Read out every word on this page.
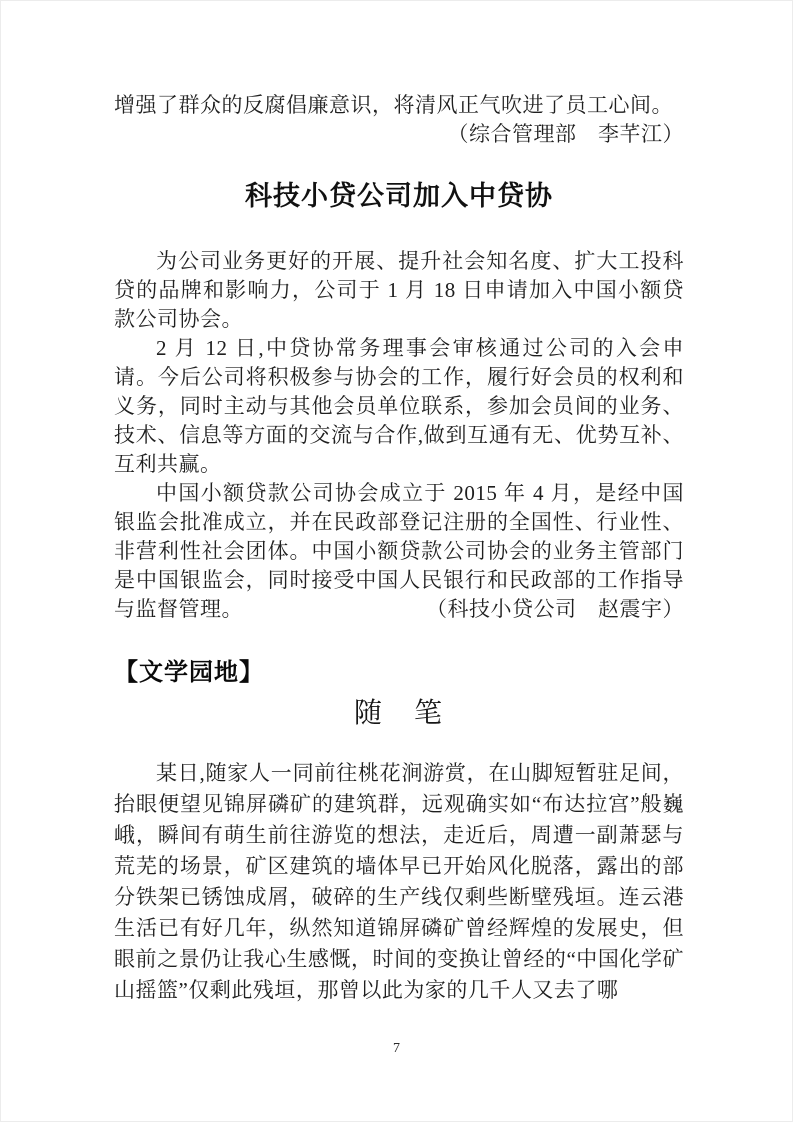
增强了群众的反腐倡廉意识，将清风正气吹进了员工心间。

（综合管理部　李芊江）

科技小贷公司加入中贷协

为公司业务更好的开展、提升社会知名度、扩大工投科贷的品牌和影响力，公司于 1 月 18 日申请加入中国小额贷款公司协会。

2 月 12 日,中贷协常务理事会审核通过公司的入会申请。今后公司将积极参与协会的工作，履行好会员的权利和义务，同时主动与其他会员单位联系，参加会员间的业务、技术、信息等方面的交流与合作,做到互通有无、优势互补、互利共赢。

中国小额贷款公司协会成立于 2015 年 4 月，是经中国银监会批准成立，并在民政部登记注册的全国性、行业性、非营利性社会团体。中国小额贷款公司协会的业务主管部门是中国银监会，同时接受中国人民银行和民政部的工作指导与监督管理。	（科技小贷公司　赵震宇）

【文学园地】
随　笔

某日,随家人一同前往桃花涧游赏，在山脚短暂驻足间，抬眼便望见锦屏磷矿的建筑群，远观确实如“布达拉宫”般巍峨，瞬间有萌生前往游览的想法，走近后，周遭一副萧瑟与荒芜的场景，矿区建筑的墙体早已开始风化脱落，露出的部分铁架已锈蚀成屑，破碎的生产线仅剩些断壁残垣。连云港生活已有好几年，纵然知道锦屏磷矿曾经辉煌的发展史，但眼前之景仍让我心生感慨，时间的变换让曾经的“中国化学矿山摇篮”仅剩此残垣，那曾以此为家的几千人又去了哪

7
